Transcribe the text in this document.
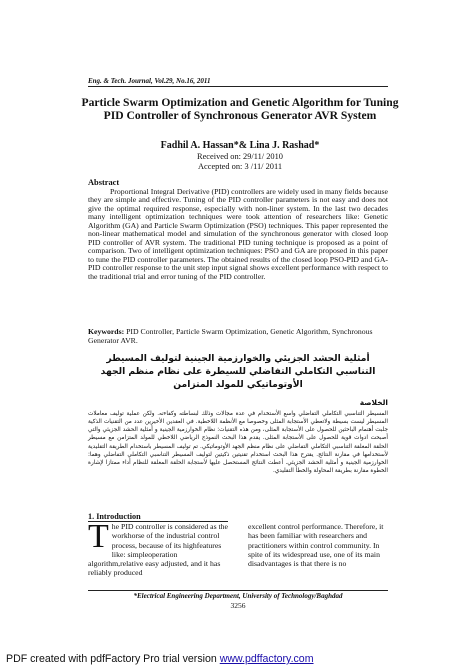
Eng. & Tech. Journal, Vol.29, No.16, 2011
Particle Swarm Optimization and Genetic Algorithm for Tuning PID Controller of Synchronous Generator AVR System
Fadhil A. Hassan*& Lina J. Rashad*
Received on: 29/11/ 2010
Accepted on: 3 /11/ 2011
Abstract

Proportional Integral Derivative (PID) controllers are widely used in many fields because they are simple and effective. Tuning of the PID controller parameters is not easy and does not give the optimal required response, especially with non-liner system. In the last two decades many intelligent optimization techniques were took attention of researchers like: Genetic Algorithm (GA) and Particle Swarm Optimization (PSO) techniques. This paper represented the non-linear mathematical model and simulation of the synchronous generator with closed loop PID controller of AVR system. The traditional PID tuning technique is proposed as a point of comparison. Two of intelligent optimization techniques: PSO and GA are proposed in this paper to tune the PID controller parameters. The obtained results of the closed loop PSO-PID and GA-PID controller response to the unit step input signal shows excellent performance with respect to the traditional trial and error tuning of the PID controller.

Keywords: PID Controller, Particle Swarm Optimization, Genetic Algorithm, Synchronous Generator AVR.

أمثلية الحشد الجزيئي والخوارزمية الجينية لتوليف المسيطر التناسبي التكاملي التفاضلي للسيطرة على نظام منظم الجهد الأوتوماتيكي للمولد المتزامن

الخلاصة

المسيطر التناسبي التكاملي التفاضلي واسع الأستخدام في عدة مجالات وذلك لبساطته وكفاءته. ولكن عملية توليف معاملات المسيطر ليست بسيطة ولاتعطي الأستجابة المثلى وخصوصا مع الأنظمة اللاخطية. في العقدين الأخيرين عدد من التقنيات الذكية جلبت أهتمام الباحثين للحصول على الأستجابة المثلى، ومن هذه التقنيات: نظام الخوارزمية الجينية و أمثلية الحشد الجزيئي والتي أصبحت ادوات قوية للحصول على الأستجابة المثلى. يقدم هذا البحث النموذج الرياضي اللاخطي للمولد المتزامن مع مسيطر الحلقة المغلقة التناسبي التكاملي التفاضلي على نظام منظم الجهد الأوتوماتيكي. تم توليف المسيطر باستخدام الطريقة التقليدية لأستخدامها في مقارنة النتائج. يقترح هذا البحث استخدام تقنيتين ذكيتين لتوليف المسيطر التناسبي التكاملي التفاضلي وهما: الخوارزمية الجينية و أمثلية الحشد الجزيئي. أعطت النتائج المستحصل عليها لأستجابة الحلقة المغلقة للنظام أداء ممتازا لإشارة الخطوة مقارنة بطريقة المحاولة والخطأ التقليدي.

1. Introduction

The PID controller is considered as the workhorse of the industrial control process, because of its highfeatures like: simpleoperation algorithm,relative easy adjusted, and it has reliably produced

excellent control performance. Therefore, it has been familiar with researchers and practitioners within control community. In spite of its widespread use, one of its main disadvantages is that there is no

*Electrical Engineering Department, University of Technology/Baghdad
3256
PDF created with pdfFactory Pro trial version www.pdffactory.com
